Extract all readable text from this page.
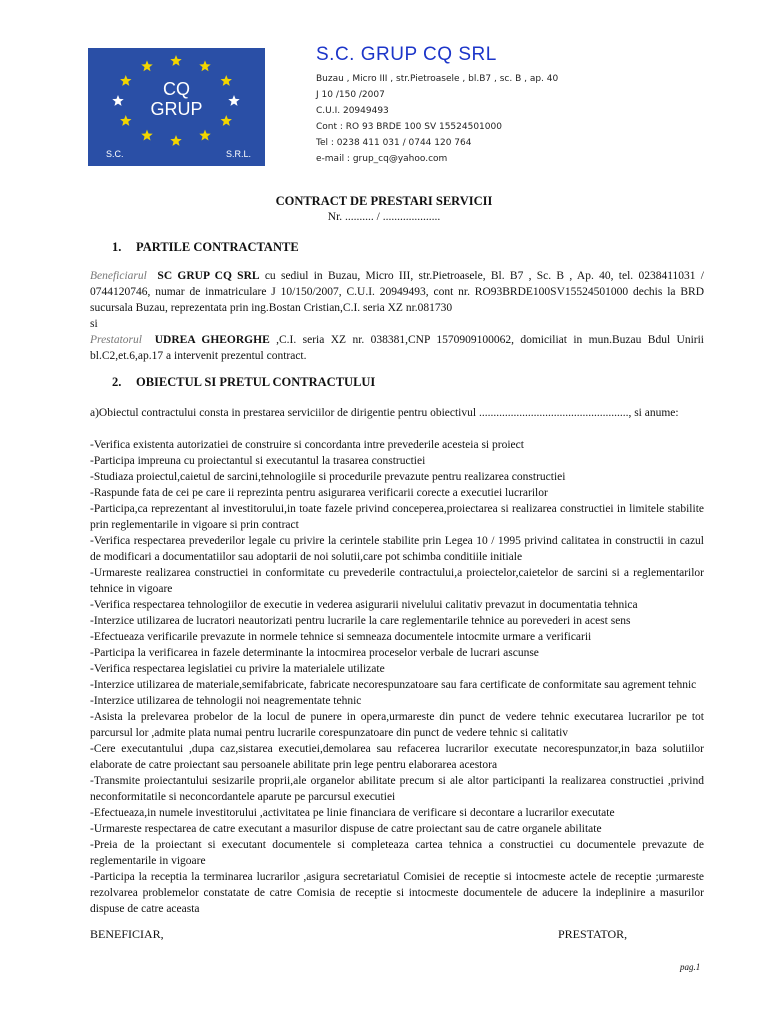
CQ
GRUP
S.C.	S.R.L.
S.C. GRUP CQ SRL
Buzau , Micro III , str.Pietroasele , bl.B7 , sc. B , ap. 40
J 10 /150 /2007
C.U.I. 20949493
Cont : RO 93 BRDE 100 SV 15524501000
Tel : 0238 411 031 / 0744 120 764
e-mail : grup_cq@yahoo.com
CONTRACT DE PRESTARI SERVICII
Nr. .......... / ....................
1. PARTILE CONTRACTANTE
Beneficiarul SC GRUP CQ SRL cu sediul in Buzau, Micro III, str.Pietroasele, Bl. B7 , Sc. B , Ap. 40, tel. 0238411031 / 0744120746, numar de inmatriculare J 10/150/2007, C.U.I. 20949493, cont nr. RO93BRDE100SV15524501000 dechis la BRD sucursala Buzau, reprezentata prin ing.Bostan Cristian,C.I. seria XZ nr.081730
si
Prestatorul UDREA GHEORGHE ,C.I. seria XZ nr. 038381,CNP 1570909100062, domiciliat in mun.Buzau Bdul Unirii bl.C2,et.6,ap.17 a intervenit prezentul contract.
2. OBIECTUL SI PRETUL CONTRACTULUI

a)Obiectul contractului consta in prestarea serviciilor de dirigentie pentru obiectivul ...................................................., si anume:

-Verifica existenta autorizatiei de construire si concordanta intre prevederile acesteia si proiect

-Participa impreuna cu proiectantul si executantul la trasarea constructiei

-Studiaza proiectul,caietul de sarcini,tehnologiile si procedurile prevazute pentru realizarea constructiei

-Raspunde fata de cei pe care ii reprezinta pentru asigurarea verificarii corecte a executiei lucrarilor

-Participa,ca reprezentant al investitorului,in toate fazele privind conceperea,proiectarea si realizarea constructiei in limitele stabilite prin reglementarile in vigoare si prin contract

-Verifica respectarea prevederilor legale cu privire la cerintele stabilite prin Legea 10 / 1995 privind calitatea in constructii in cazul de modificari a documentatiilor sau adoptarii de noi solutii,care pot schimba conditiile initiale

-Urmareste realizarea constructiei in conformitate cu prevederile contractului,a proiectelor,caietelor de sarcini si a reglementarilor tehnice in vigoare

-Verifica respectarea tehnologiilor de executie in vederea asigurarii nivelului calitativ prevazut in documentatia tehnica

-Interzice utilizarea de lucratori neautorizati pentru lucrarile la care reglementarile tehnice au porevederi in acest sens

-Efectueaza verificarile prevazute in normele tehnice si semneaza documentele intocmite urmare a verificarii

-Participa la verificarea in fazele determinante la intocmirea proceselor verbale de lucrari ascunse

-Verifica respectarea legislatiei cu privire la materialele utilizate

-Interzice utilizarea de materiale,semifabricate, fabricate necorespunzatoare sau fara certificate de conformitate sau agrement tehnic

-Interzice utilizarea de tehnologii noi neagrementate tehnic

-Asista la prelevarea probelor de la locul de punere in opera,urmareste din punct de vedere tehnic executarea lucrarilor pe tot parcursul lor ,admite plata numai pentru lucrarile corespunzatoare din punct de vedere tehnic si calitativ

-Cere executantului ,dupa caz,sistarea executiei,demolarea sau refacerea lucrarilor executate necorespunzator,in baza solutiilor elaborate de catre proiectant sau persoanele abilitate prin lege pentru elaborarea acestora

-Transmite proiectantului sesizarile proprii,ale organelor abilitate precum si ale altor participanti la realizarea constructiei ,privind neconformitatile si neconcordantele aparute pe parcursul executiei

-Efectueaza,in numele investitorului ,activitatea pe linie financiara de verificare si decontare a lucrarilor executate

-Urmareste respectarea de catre executant a masurilor dispuse de catre proiectant sau de catre organele abilitate

-Preia de la proiectant si executant documentele si completeaza cartea tehnica a constructiei cu documentele prevazute de reglementarile in vigoare

-Participa la receptia la terminarea lucrarilor ,asigura secretariatul Comisiei de receptie si intocmeste actele de receptie ;urmareste rezolvarea problemelor constatate de catre Comisia de receptie si intocmeste documentele de aducere la indeplinire a masurilor dispuse de catre aceasta

BENEFICIAR,	PRESTATOR,
pag.1
